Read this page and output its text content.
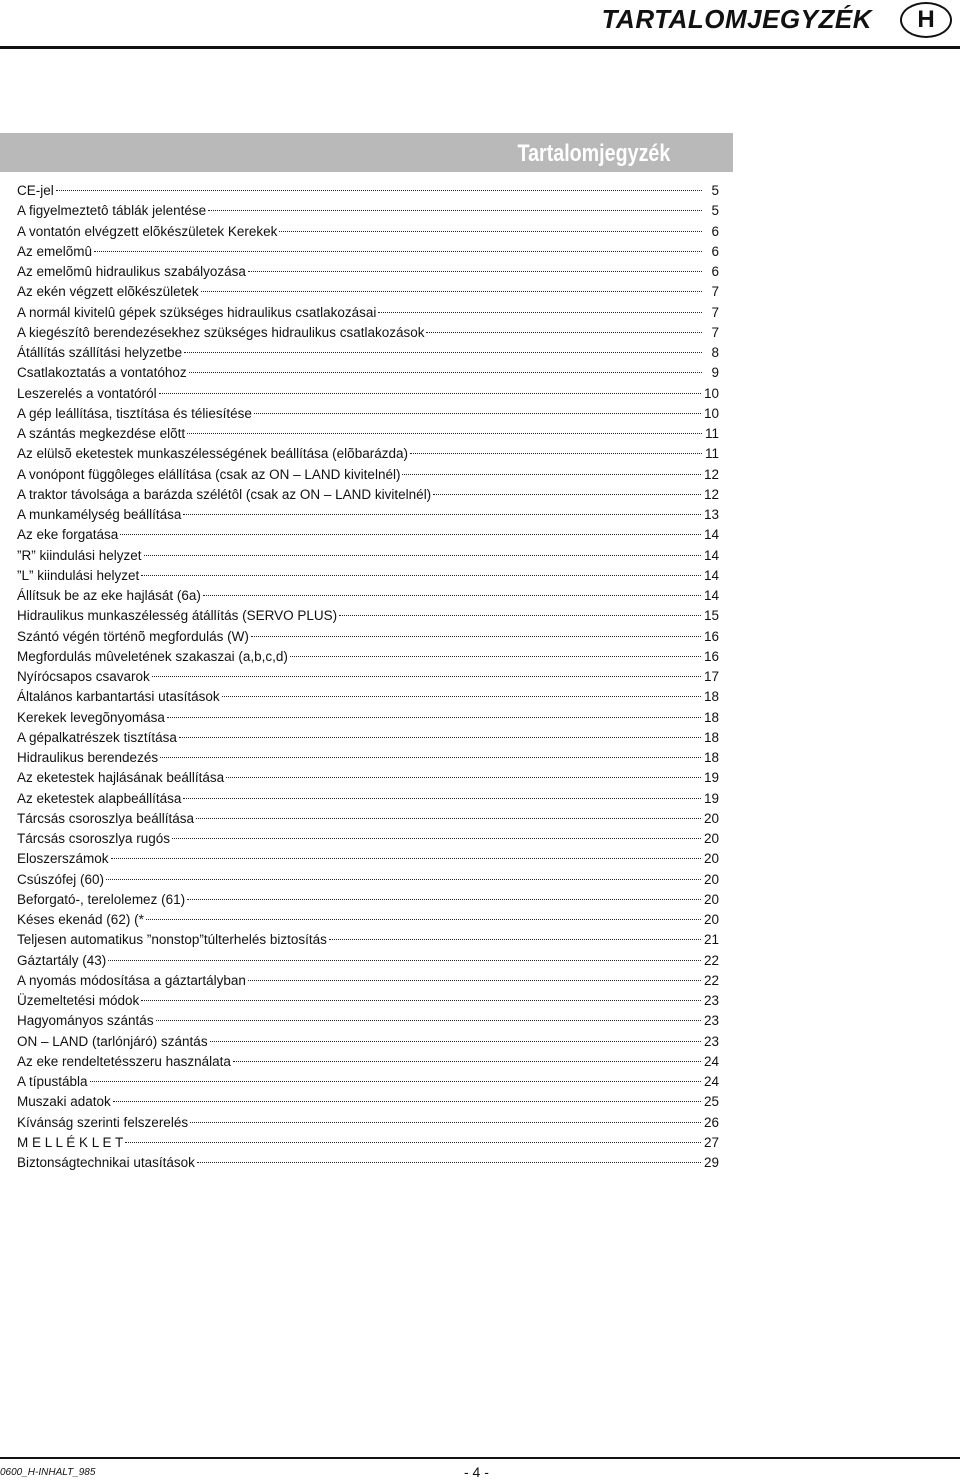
TARTALOMJEGYZÉK	H
Tartalomjegyzék
CE-jel	5
A figyelmeztetô táblák jelentése	5
A vontatón elvégzett elõkészületek Kerekek	6
Az emelõmû	6
Az emelõmû hidraulikus szabályozása	6
Az ekén végzett elõkészületek	7
A normál kivitelû gépek szükséges hidraulikus csatlakozásai	7
A kiegészítô berendezésekhez szükséges hidraulikus csatlakozások	7
Átállítás szállítási helyzetbe	8
Csatlakoztatás a vontatóhoz	9
Leszerelés a vontatóról	10
A gép leállítása, tisztítása és téliesítése	10
A szántás megkezdése elõtt	11
Az elülsõ eketestek munkaszélességének beállítása (elõbarázda)	11
A vonópont függôleges elállítása (csak az ON – LAND kivitelnél)	12
A traktor távolsága a barázda szélétôl (csak az ON – LAND kivitelnél)	12
A munkamélység beállítása	13
Az eke forgatása	14
”R” kiindulási helyzet	14
”L” kiindulási helyzet	14
Állítsuk be az eke hajlását (6a)	14
Hidraulikus munkaszélesség átállítás (SERVO PLUS)	15
Szántó végén történõ megfordulás (W)	16
Megfordulás mûveletének szakaszai (a,b,c,d)	16
Nyírócsapos csavarok	17
Általános karbantartási utasítások	18
Kerekek levegõnyomása	18
A gépalkatrészek tisztítása	18
Hidraulikus berendezés	18
Az eketestek hajlásának beállítása	19
Az eketestek alapbeállítása	19
Tárcsás csoroszlya beállítása	20
Tárcsás csoroszlya rugós	20
Eloszerszámok	20
Csúszófej (60)	20
Beforgató-, terelolemez (61)	20
Késes ekenád (62) (*	20
Teljesen automatikus ”nonstop”túlterhelés biztosítás	21
Gáztartály (43)	22
A nyomás módosítása a gáztartályban	22
Üzemeltetési módok	23
Hagyományos szántás	23
ON – LAND (tarlónjáró) szántás	23
Az eke rendeltetésszeru használata	24
A típustábla	24
Muszaki adatok	25
Kívánság szerinti felszerelés	26
M E L L É K L E T	27
Biztonságtechnikai utasítások	29
0600_H-INHALT_985	- 4 -
